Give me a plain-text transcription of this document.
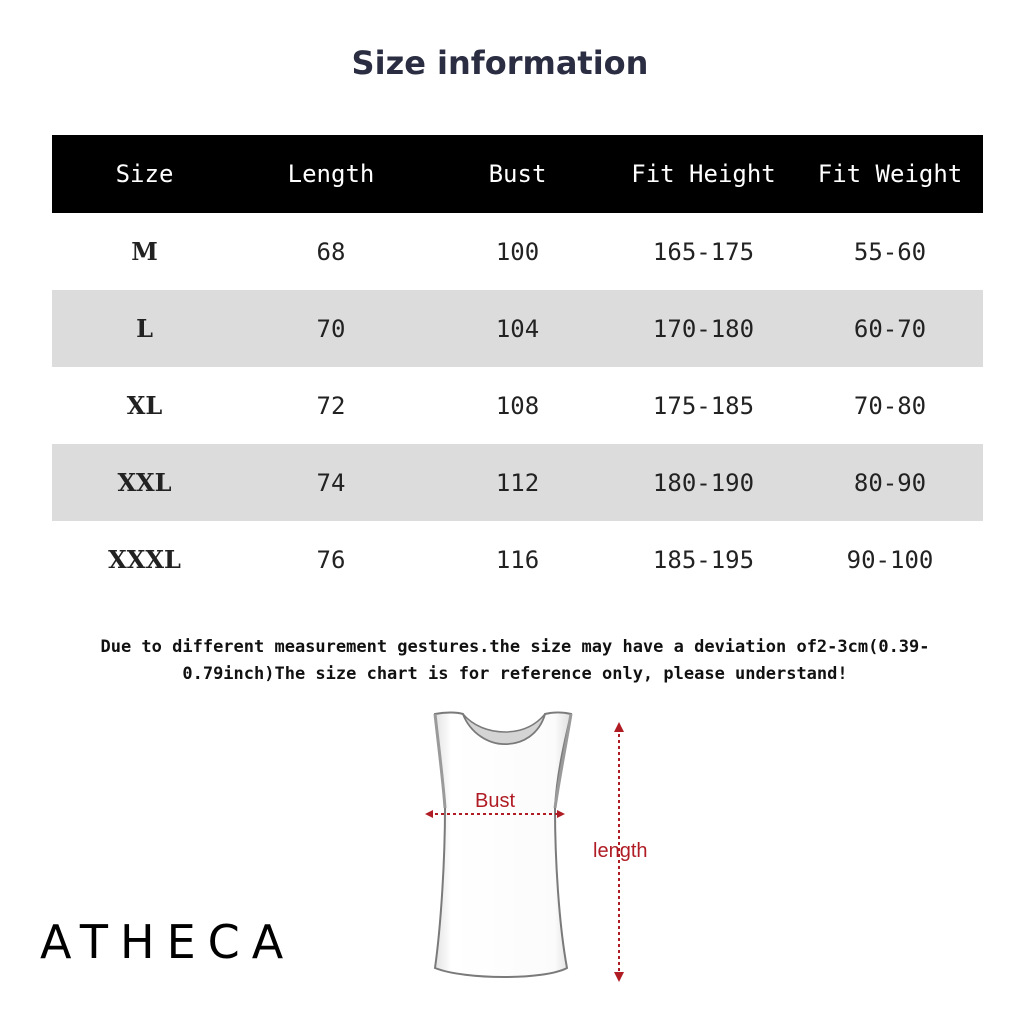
Size information
Size	Length	Bust	Fit Height	Fit Weight
M	68	100	165-175	55-60
L	70	104	170-180	60-70
XL	72	108	175-185	70-80
XXL	74	112	180-190	80-90
XXXL	76	116	185-195	90-100
Due to different measurement gestures.the size may have a deviation of2-3cm(0.39-
0.79inch)The size chart is for reference only, please understand!
Bust
length
ATHECA
